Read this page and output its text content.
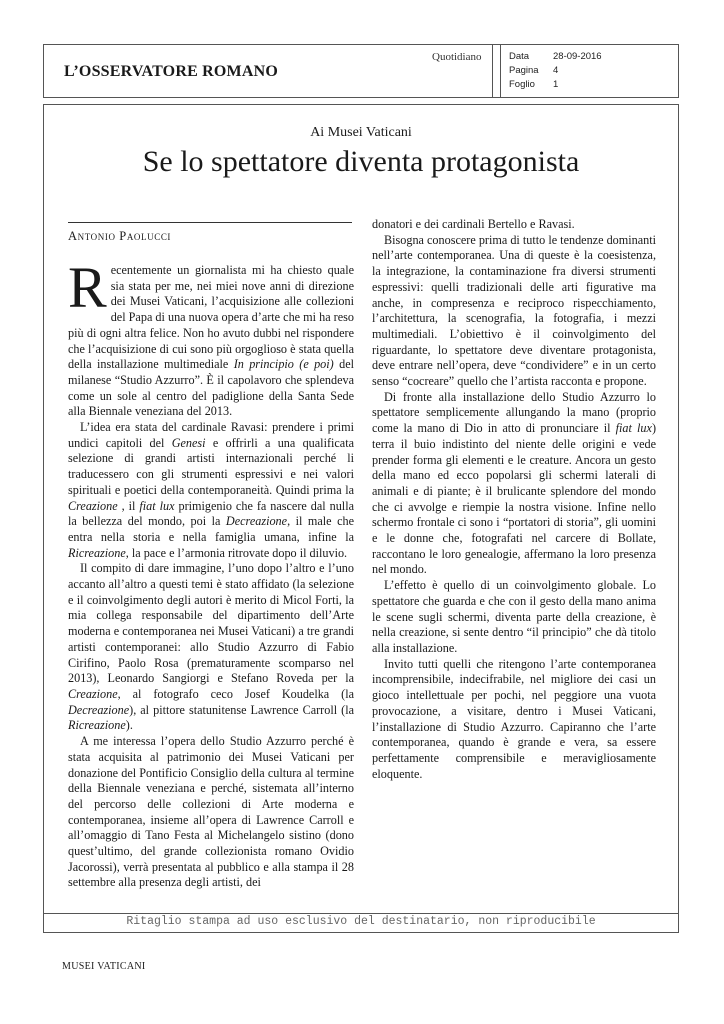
L’OSSERVATORE ROMANO
Quotidiano	Data	28-09-2016
Pagina	4
Foglio	1
Ai Musei Vaticani
Se lo spettatore diventa protagonista
Antonio Paolucci

Recentemente un giornalista mi ha chiesto quale sia stata per me, nei miei nove anni di direzione dei Musei Vaticani, l’acquisizione alle collezioni del Papa di una nuova opera d’arte che mi ha reso più di ogni altra felice. Non ho avuto dubbi nel rispondere che l’acquisizione di cui sono più orgoglioso è stata quella della installazione multimediale In principio (e poi) del milanese “Studio Azzurro”. È il capolavoro che splendeva come un sole al centro del padiglione della Santa Sede alla Biennale veneziana del 2013.

L’idea era stata del cardinale Ravasi: prendere i primi undici capitoli del Genesi e offrirli a una qualificata selezione di grandi artisti internazionali perché li traducessero con gli strumenti espressivi e nei valori spirituali e poetici della contemporaneità. Quindi prima la Creazione , il fiat lux primigenio che fa nascere dal nulla la bellezza del mondo, poi la Decreazione, il male che entra nella storia e nella famiglia umana, infine la Ricreazione, la pace e l’armonia ritrovate dopo il diluvio.

Il compito di dare immagine, l’uno dopo l’altro e l’uno accanto all’altro a questi temi è stato affidato (la selezione e il coinvolgimento degli autori è merito di Micol Forti, la mia collega responsabile del dipartimento dell’Arte moderna e contemporanea nei Musei Vaticani) a tre grandi artisti contemporanei: allo Studio Azzurro di Fabio Cirifino, Paolo Rosa (prematuramente scomparso nel 2013), Leonardo Sangiorgi e Stefano Roveda per la Creazione, al fotografo ceco Josef Koudelka (la Decreazione), al pittore statunitense Lawrence Carroll (la Ricreazione).

A me interessa l’opera dello Studio Azzurro perché è stata acquisita al patrimonio dei Musei Vaticani per donazione del Pontificio Consiglio della cultura al termine della Biennale veneziana e perché, sistemata all’interno del percorso delle collezioni di Arte moderna e contemporanea, insieme all’opera di Lawrence Carroll e all’omaggio di Tano Festa al Michelangelo sistino (dono quest’ultimo, del grande collezionista romano Ovidio Jacorossi), verrà presentata al pubblico e alla stampa il 28 settembre alla presenza degli artisti, dei

donatori e dei cardinali Bertello e Ravasi.

Bisogna conoscere prima di tutto le tendenze dominanti nell’arte contemporanea. Una di queste è la coesistenza, la integrazione, la contaminazione fra diversi strumenti espressivi: quelli tradizionali delle arti figurative ma anche, in compresenza e reciproco rispecchiamento, l’architettura, la scenografia, la fotografia, i mezzi multimediali. L’obiettivo è il coinvolgimento del riguardante, lo spettatore deve diventare protagonista, deve entrare nell’opera, deve “condividere” e in un certo senso “cocreare” quello che l’artista racconta e propone.

Di fronte alla installazione dello Studio Azzurro lo spettatore semplicemente allungando la mano (proprio come la mano di Dio in atto di pronunciare il fiat lux) terra il buio indistinto del niente delle origini e vede prender forma gli elementi e le creature. Ancora un gesto della mano ed ecco popolarsi gli schermi laterali di animali e di piante; è il brulicante splendore del mondo che ci avvolge e riempie la nostra visione. Infine nello schermo frontale ci sono i “portatori di storia”, gli uomini e le donne che, fotografati nel carcere di Bollate, raccontano le loro genealogie, affermano la loro presenza nel mondo.

L’effetto è quello di un coinvolgimento globale. Lo spettatore che guarda e che con il gesto della mano anima le scene sugli schermi, diventa parte della creazione, è nella creazione, si sente dentro “il principio” che dà titolo alla installazione.

Invito tutti quelli che ritengono l’arte contemporanea incomprensibile, indecifrabile, nel migliore dei casi un gioco intellettuale per pochi, nel peggiore una vuota provocazione, a visitare, dentro i Musei Vaticani, l’installazione di Studio Azzurro. Capiranno che l’arte contemporanea, quando è grande e vera, sa essere perfettamente comprensibile e meravigliosamente eloquente.

Ritaglio stampa ad uso esclusivo del destinatario, non riproducibile
MUSEI VATICANI
